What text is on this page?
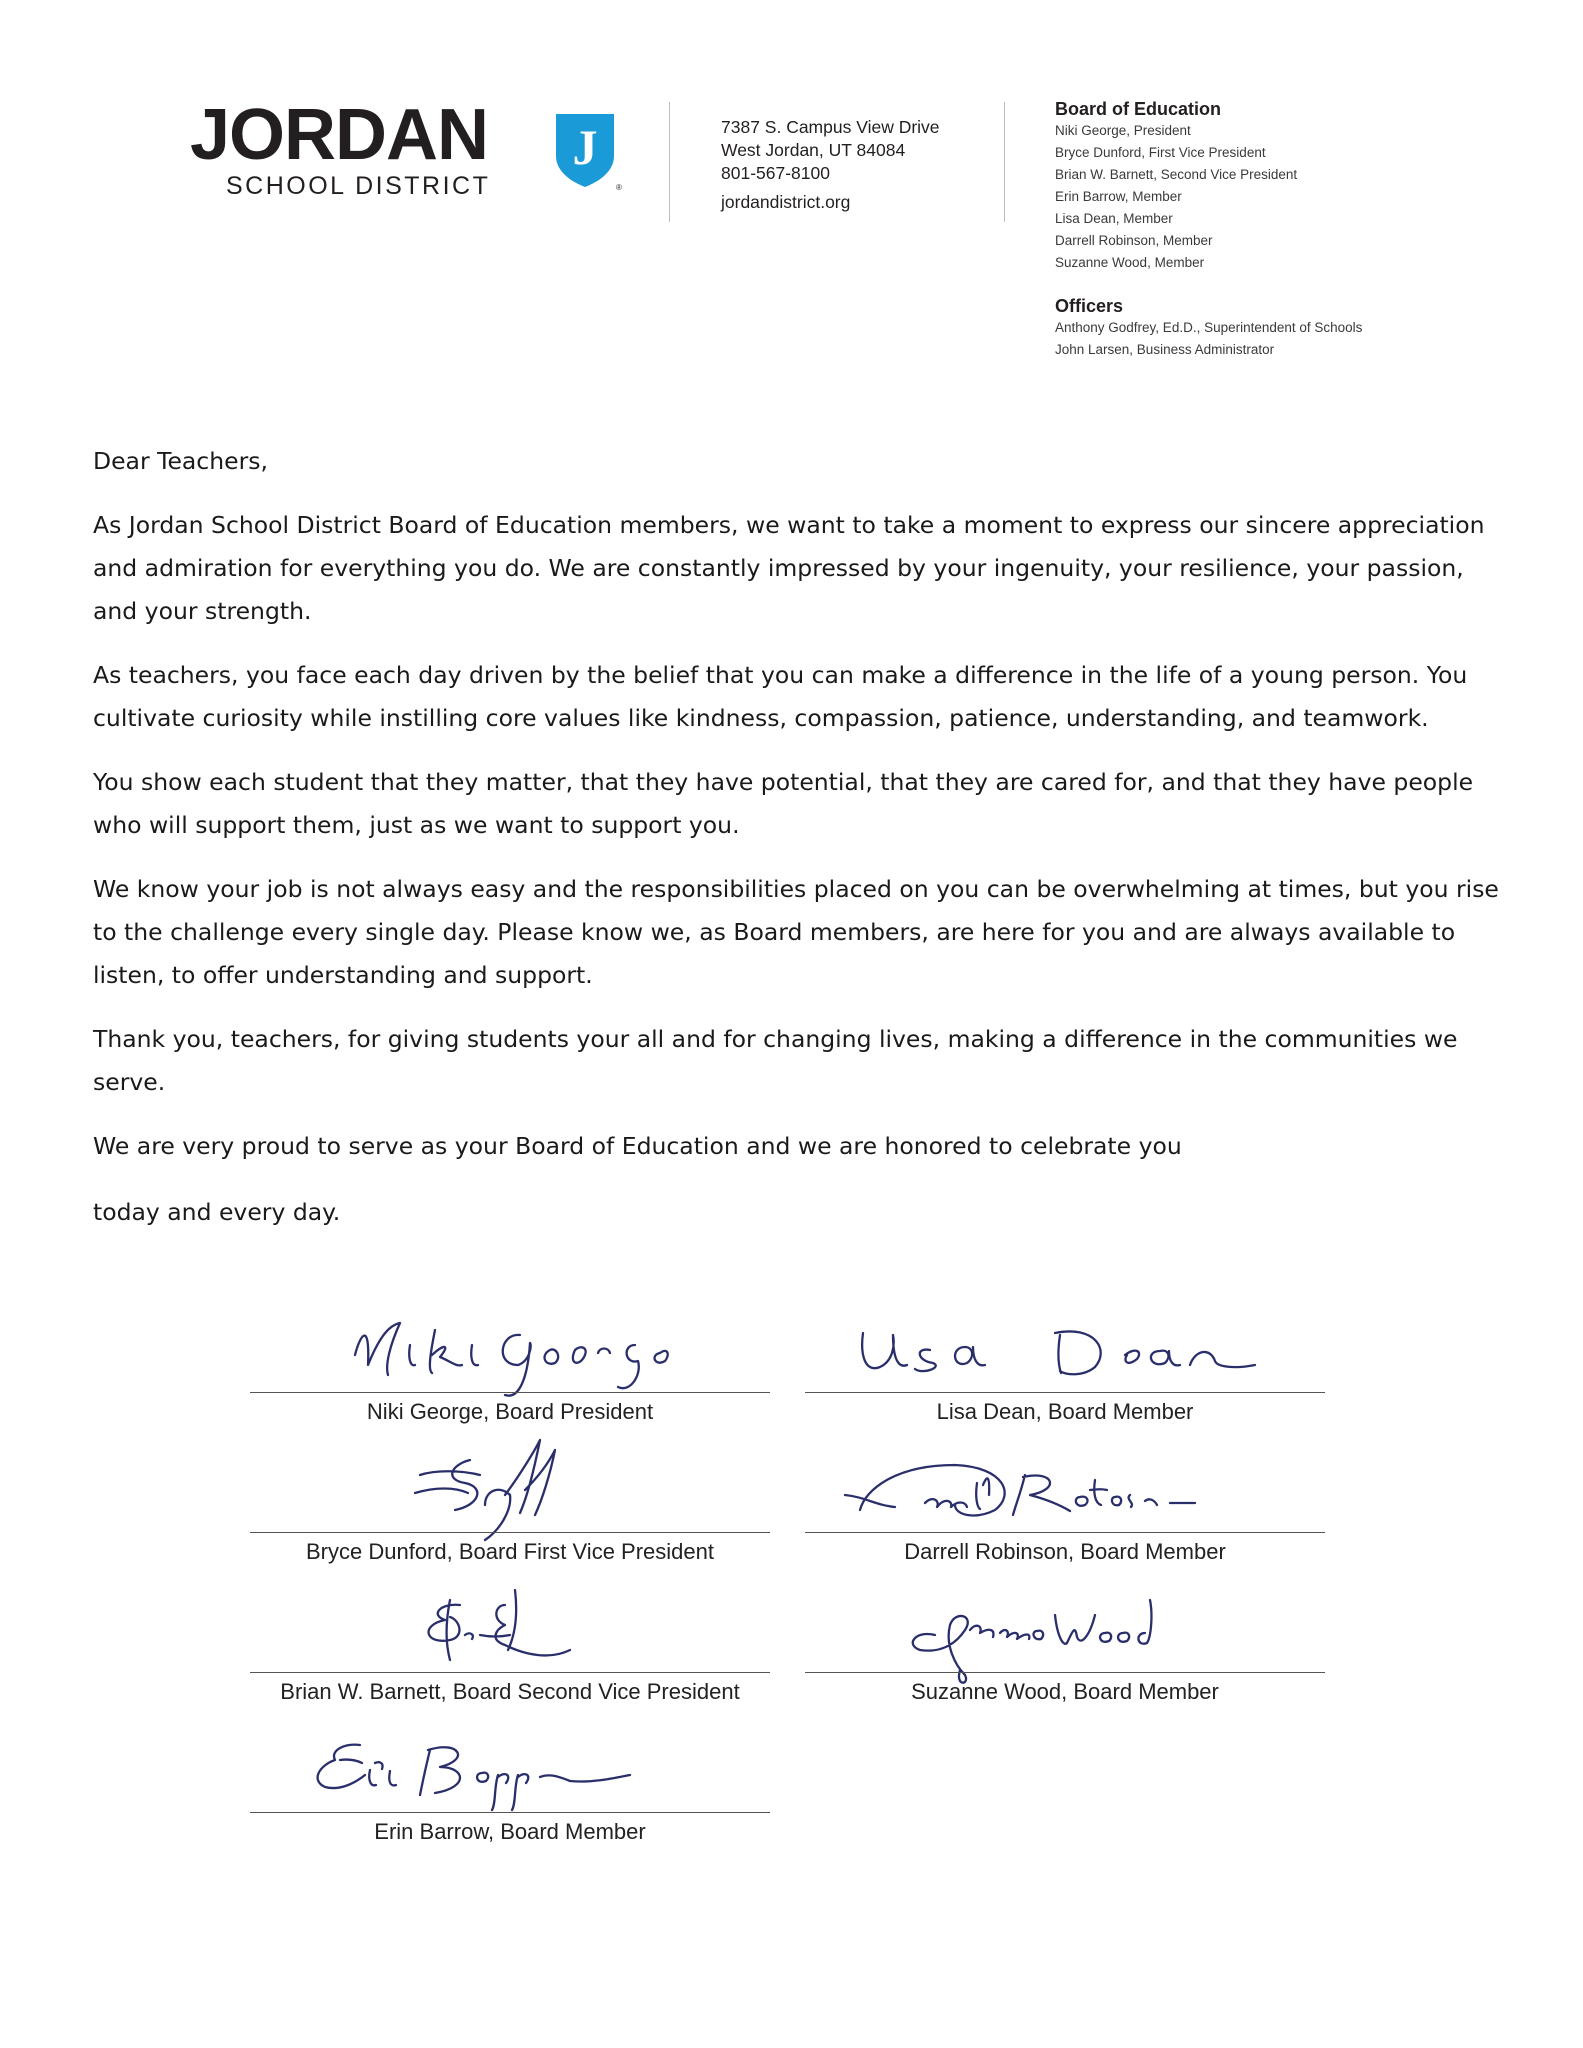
JORDAN
SCHOOL DISTRICT
J
®
7387 S. Campus View Drive
West Jordan, UT 84084
801-567-8100
jordandistrict.org
Board of Education
Niki George, President
Bryce Dunford, First Vice President
Brian W. Barnett, Second Vice President
Erin Barrow, Member
Lisa Dean, Member
Darrell Robinson, Member
Suzanne Wood, Member
Officers
Anthony Godfrey, Ed.D., Superintendent of Schools
John Larsen, Business Administrator

Dear Teachers,

As Jordan School District Board of Education members, we want to take a moment to express our sincere appreciation and admiration for everything you do. We are constantly impressed by your ingenuity, your resilience, your passion, and your strength.

As teachers, you face each day driven by the belief that you can make a difference in the life of a young person. You cultivate curiosity while instilling core values like kindness, compassion, patience, understanding, and teamwork.

You show each student that they matter, that they have potential, that they are cared for, and that they have people who will support them, just as we want to support you.

We know your job is not always easy and the responsibilities placed on you can be overwhelming at times, but you rise to the challenge every single day. Please know we, as Board members, are here for you and are always available to listen, to offer understanding and support.

Thank you, teachers, for giving students your all and for changing lives, making a difference in the communities we serve.

We are very proud to serve as your Board of Education and we are honored to celebrate you

today and every day.

Niki George, Board President	Lisa Dean, Board Member
Bryce Dunford, Board First Vice President	Darrell Robinson, Board Member
Brian W. Barnett, Board Second Vice President	Suzanne Wood, Board Member
Erin Barrow, Board Member
